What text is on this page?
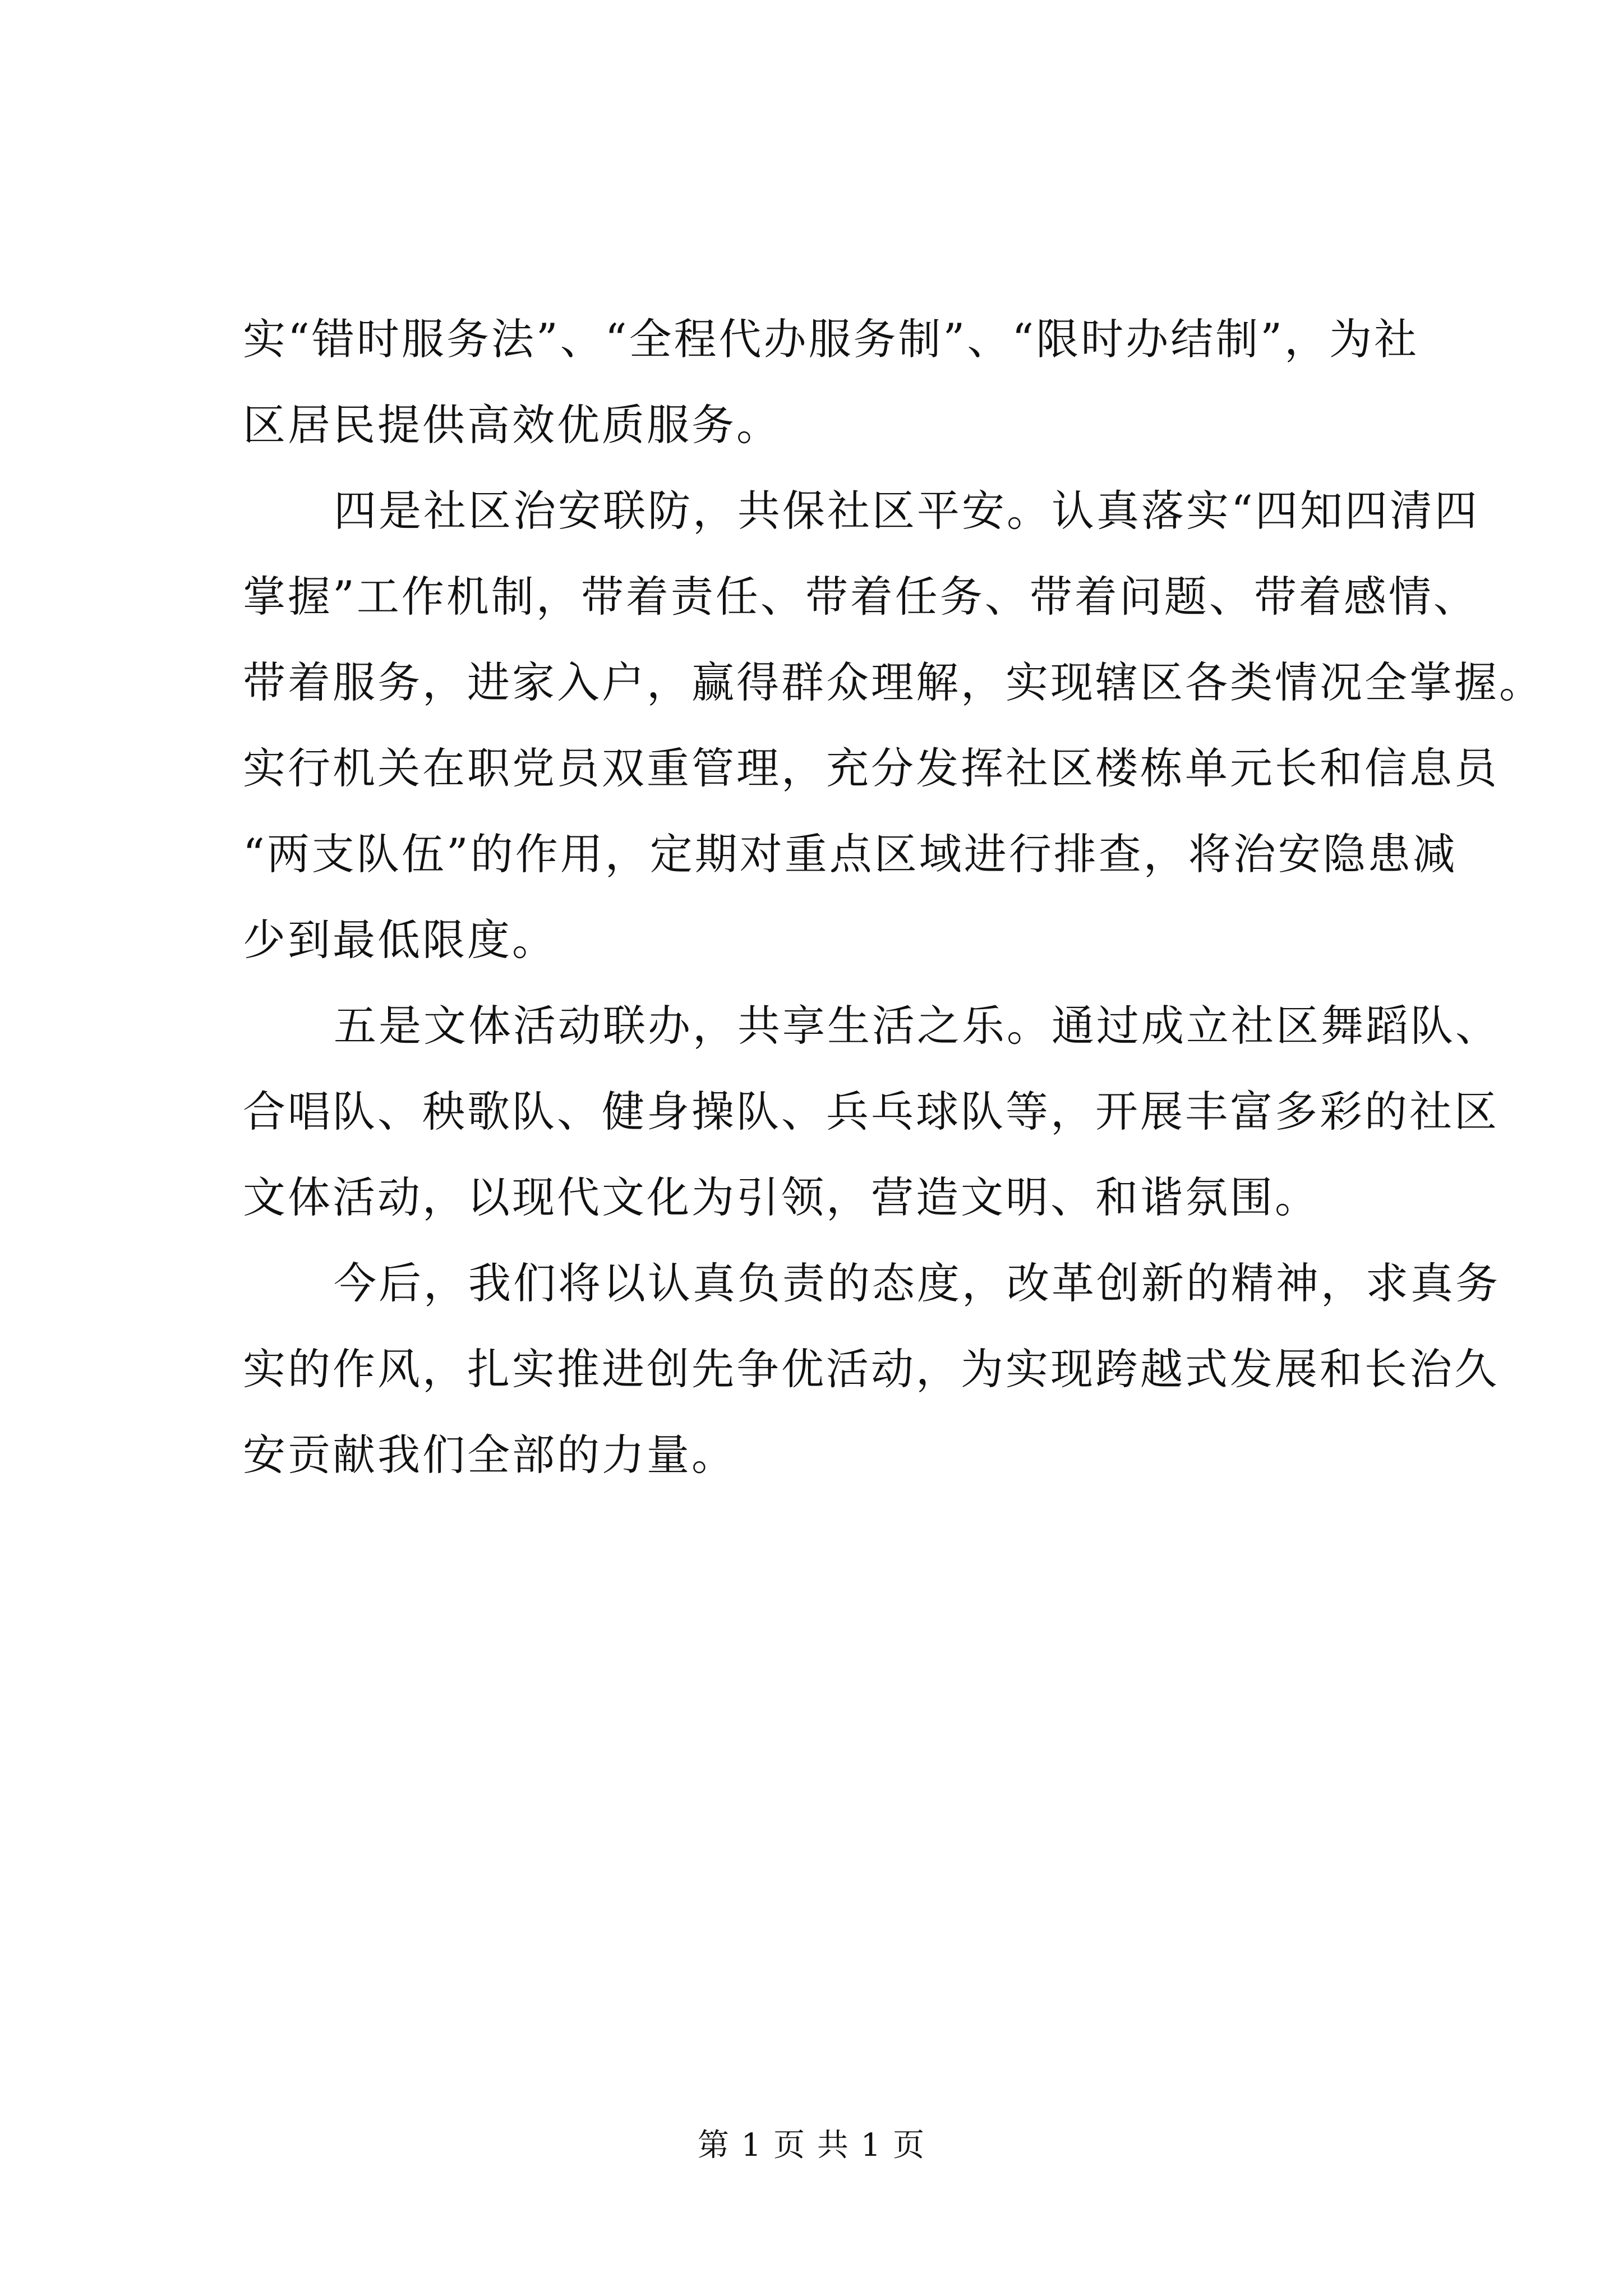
实“错时服务法”、“全程代办服务制”、“限时办结制”，为社
区居民提供高效优质服务。

四是社区治安联防，共保社区平安。认真落实“四知四清四
掌握”工作机制，带着责任、带着任务、带着问题、带着感情、
带着服务，进家入户，赢得群众理解，实现辖区各类情况全掌握。
实行机关在职党员双重管理，充分发挥社区楼栋单元长和信息员
“两支队伍”的作用，定期对重点区域进行排查，将治安隐患减
少到最低限度。

五是文体活动联办，共享生活之乐。通过成立社区舞蹈队、
合唱队、秧歌队、健身操队、兵乓球队等，开展丰富多彩的社区
文体活动，以现代文化为引领，营造文明、和谐氛围。

今后，我们将以认真负责的态度，改革创新的精神，求真务
实的作风，扎实推进创先争优活动，为实现跨越式发展和长治久
安贡献我们全部的力量。

第 1 页 共 1 页
